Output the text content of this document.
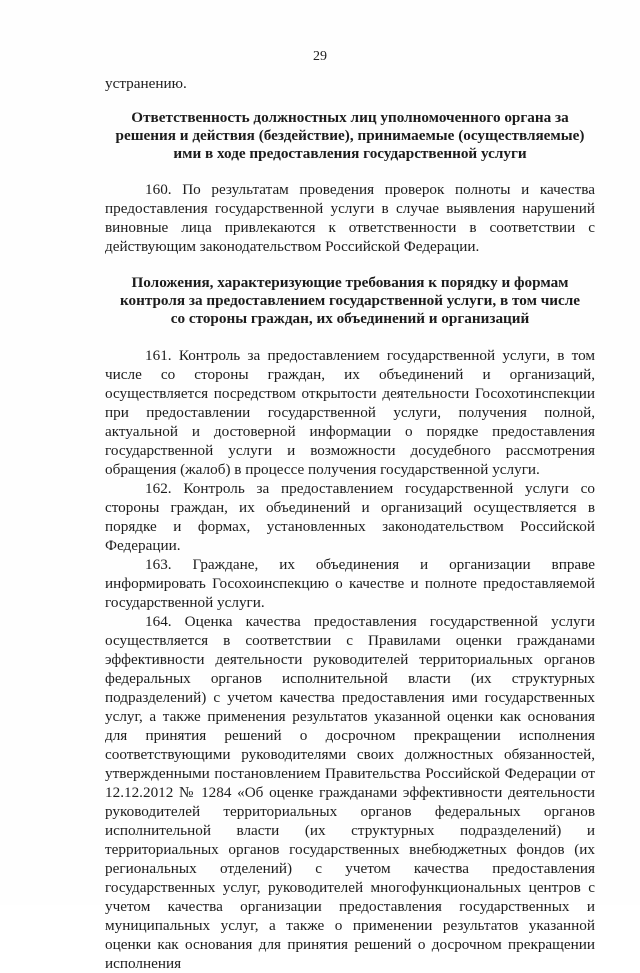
29

устранению.

Ответственность должностных лиц уполномоченного органа за решения и действия (бездействие), принимаемые (осуществляемые) ими в ходе предоставления государственной услуги

160. По результатам проведения проверок полноты и качества предоставления государственной услуги в случае выявления нарушений виновные лица привлекаются к ответственности в соответствии с действующим законодательством Российской Федерации.

Положения, характеризующие требования к порядку и формам контроля за предоставлением государственной услуги, в том числе со стороны граждан, их объединений и организаций

161. Контроль за предоставлением государственной услуги, в том числе со стороны граждан, их объединений и организаций, осуществляется посредством открытости деятельности Госохотинспекции при предоставлении государственной услуги, получения полной, актуальной и достоверной информации о порядке предоставления государственной услуги и возможности досудебного рассмотрения обращения (жалоб) в процессе получения государственной услуги.

162. Контроль за предоставлением государственной услуги со стороны граждан, их объединений и организаций осуществляется в порядке и формах, установленных законодательством Российской Федерации.

163. Граждане, их объединения и организации вправе информировать Госохоинспекцию о качестве и полноте предоставляемой государственной услуги.

164. Оценка качества предоставления государственной услуги осуществляется в соответствии с Правилами оценки гражданами эффективности деятельности руководителей территориальных органов федеральных органов исполнительной власти (их структурных подразделений) с учетом качества предоставления ими государственных услуг, а также применения результатов указанной оценки как основания для принятия решений о досрочном прекращении исполнения соответствующими руководителями своих должностных обязанностей, утвержденными постановлением Правительства Российской Федерации от 12.12.2012 № 1284 «Об оценке гражданами эффективности деятельности руководителей территориальных органов федеральных органов исполнительной власти (их структурных подразделений) и территориальных органов государственных внебюджетных фондов (их региональных отделений) с учетом качества предоставления государственных услуг, руководителей многофункциональных центров с учетом качества организации предоставления государственных и муниципальных услуг, а также о применении результатов указанной оценки как основания для принятия решений о досрочном прекращении исполнения
